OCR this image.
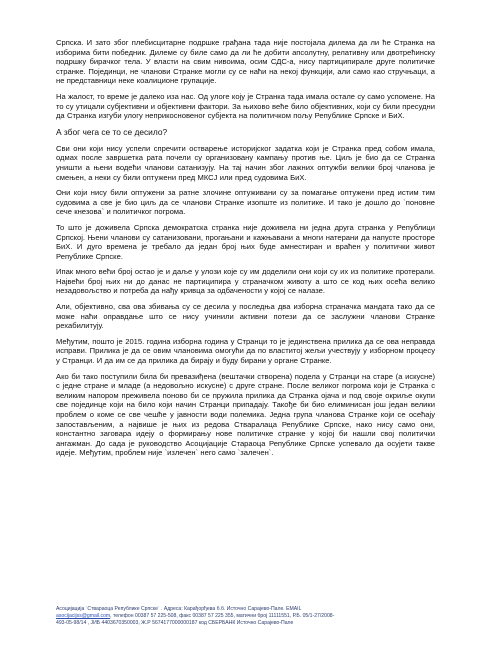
Српска. И зато због плебисцитарне подршке грађана тада није постојала дилема да ли ће Странка на изборима бити победник. Дилеме су биле само да ли ће добити апсолутну, релативну или двотрећинску подршку бирачког тела. У власти на свим нивоима, осим СДС-а, нису партиципирале друге политичке странке. Појединци, не чланови Странке могли су се наћи на некој функцији, али само као стручњаци, а не представници неке коалиционе групације.

На жалост, то време је далеко иза нас. Од улоге коју је Странка тада имала остале су само успомене. На то су утицали субјективни и објективни фактори. За њихово веће било објективних, који су били пресудни да Странка изгуби улогу неприкосновеног субјекта на политичком пољу Републике Српске и БиХ.

А због чега се то се десило?

Сви они који нису успели спречити остварење историјског задатка који је Странка пред собом имала, одмах после завршетка рата почели су организовану кампању против ње. Циљ је био да се Странка уништи а њени водећи чланови сатанизују. На тај начин због лажних оптужби велики број чланова је смењен, а неки су били оптужени пред МКСЈ или пред судовима БиХ.

Они који нису били оптужени за ратне злочине оптуживани су за помагање оптужени пред истим тим судовима а све је био циљ да се чланови Странке изопште из политике. И тако је дошло до `поновне сече кнезова` и политичког погрома.

То што је доживела Српска демократска странка није доживела ни једна друга странка у Републици Српској. Њени чланови су сатанизовани, прогањани и кажњавани а многи натерани да напусте просторе БиХ. И дуго времена је требало да један број њих буде амнестиран и враћен у политички живот Републике Српске.

Ипак много већи број остао је и даље у улози које су им доделили они који су их из политике протерали. Највећи број њих ни до данас не партиципира у страначком животу а што се код њих осећа велико незадовољство и потреба да нађу кривца за одбачености у којој се налазе.

Али, објективно, сва ова збивања су се десила у последња два изборна страначка мандата тако да се може наћи оправдање што се нису учинили активни потези да се заслужни чланови Странке рехабилитују.

Међутим, пошто је 2015. година изборна година у Странци то је јединствена прилика да се ова неправда исправи. Прилика је да се овим члановима омогући да по властитој жељи учествују у изборном процесу у Странци. И да им се да прилика да бирају и буду бирани у органе Странке.

Ако би тако поступили била би превазиђена (вештачки створена) подела у Странци на старе (а искусне) с једне стране и младе (а недовољно искусне) с друге стране. После великог погрома који је Странка с великим напором преживела поново би се пружила прилика да Странка ојача и под своје окриље окупи све појединце који на било који начин Странци припадају. Такође би био елиминисан још један велики проблем о коме се све чешће у јавности води полемика. Једна група чланова Странке који се осећају запостављеним, а највише је њих из редова Стваралаца Републике Српске, нако нису само они, константно заговара идеју о формирању нове политичке странке у којој би нашли свој политички ангажман. До сада је руководство Асоцијације Стараоца Републике Српске успевало да осујети такве идеје. Међутим, проблем није `излечен` него само `залечен`.

Асоцијација `Ствараоца Републике Српске` . Адреса: Карађорђева б.б. Источно Сарајево-Пале. EMAIL
asocijacijss@gmail.com, телефон 00387 57 225-508, факс 00387 57 225 355, матични број 11111551, Р.Б. 05/1-27/2008-
493-05-98/14 , ЈИБ 4403670350003, Ж.Р 5674177000000187 код СБЕРБАНК Источно Сарајево-Пале
